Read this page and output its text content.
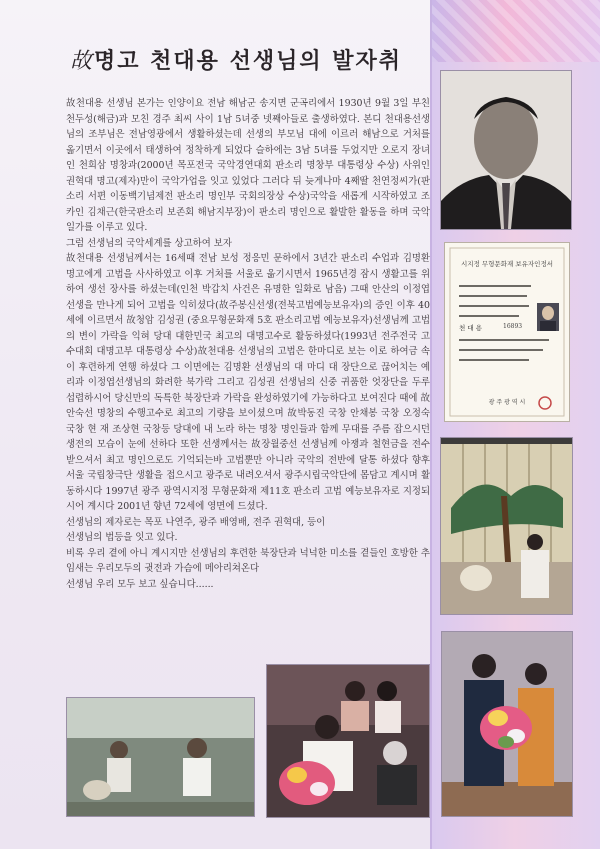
故명고 천대용 선생님의 발자취

故천대용 선생님 본가는 인양이요 전남 해남군 송지면 군곡리에서 1930년 9월 3일 부친 천두성(해금)과 모친 경주 최씨 사이 1남 5녀중 넷째아들로 출생하였다. 본디 천대용선생님의 조부님은 전남영광에서 생활하셨는데 선생의 부모님 대에 이르러 해남으로 거처를 옮기면서 이곳에서 태생하여 정착하게 되었다 슬하에는 3남 5녀를 두었지만 오로지 장녀인 천희삼 명창과(2000년 목포전국 국악경연대회 판소리 명창부 대통령상 수상) 사위인 권혁대 명고(제자)만이 국악가업을 잇고 있었다 그러다 뒤 늦게나마 4째딸 천연정씨가(판소리 서편 이동백기념제전 판소리 명인부 국회의장상 수상)국악을 새롭게 시작하였고 조카인 김채근(한국판소리 보존회 해남지부장)이 판소리 명인으로 활발한 활동을 하며 국악일가를 이루고 있다.

그럼 선생님의 국악세계를 상고하여 보자

故천대용 선생님께서는 16세때 전남 보성 정응민 문하에서 3년간 판소리 수업과 김명환명고에게 고법을 사사하였고 이후 거처를 서울로 옮기시면서 1965년경 잠시 생활고를 위하여 생선 장사를 하셨는데(인천 박갑치 사건은 유명한 일화로 남음) 그때 안산의 이정엽선생을 만나게 되어 고법을 익히셨다(故주봉신선생(전북고법예능보유자)의 증인 이후 40세에 이르면서 故청암 김성권 (중요무형문화재 5호 판소리고법 예능보유자)선생님께 고법의 변이 가락을 익혀 당대 대한민국 최고의 대명고수로 활동하셨다(1993년 전주전국 고수대회 대명고부 대통령상 수상)故천대용 선생님의 고법은 한마디로 보는 이로 하여금 속이 후련하게 연행 하셨다 그 이면에는 김명환 선생님의 대 마디 대 장단으로 끊어치는 예리과 이정엽선생님의 화려한 북가락 그리고 김성권 선생님의 신중 귀품한 엇장단을 두루 섭렵하시어 당신만의 독특한 북장단과 가락을 완성하였기에 가능하다고 보여진다 때에 故안숙선 명창의 수행고수로 최고의 기량을 보이셨으며 故박동진 국창 안채봉 국창 오정숙 국창 현 재 조상현 국창등 당대에 내 노라 하는 명창 명인들과 함께 무대를 주름 잡으시던 생전의 모습이 눈에 선하다 또한 선생께서는 故장월중선 선생님께 아쟁과 철현금을 전수 받으셔서 최고 명인으로도 기억되는바 고법뿐만 아니라 국악의 전반에 달통 하셨다 향후 서울 국립창극단 생활을 접으시고 광주로 내려오셔서 광주시립국악단에 몸담고 계시며 활동하시다 1997년 광주 광역시지정 무형문화재 제11호 판소리 고법 예능보유자로 지정되시어 계시다 2001년 향년 72세에 영면에 드셨다.

선생님의 제자로는 목포 나연주, 광주 배영배, 전주 권혁대, 등이

선생님의 법등을 잇고 있다.

비록 우리 곁에 아니 계시지만 선생님의 후련한 북장단과 넉넉한 미소를 곁들인 호방한 추임새는 우리모두의 귓전과 가슴에 메아리쳐온다

선생님 우리 모두 보고 싶습니다......

시지정 무형문화재 보유자인정서
천 대 용	16893
광 주 광 역 시
